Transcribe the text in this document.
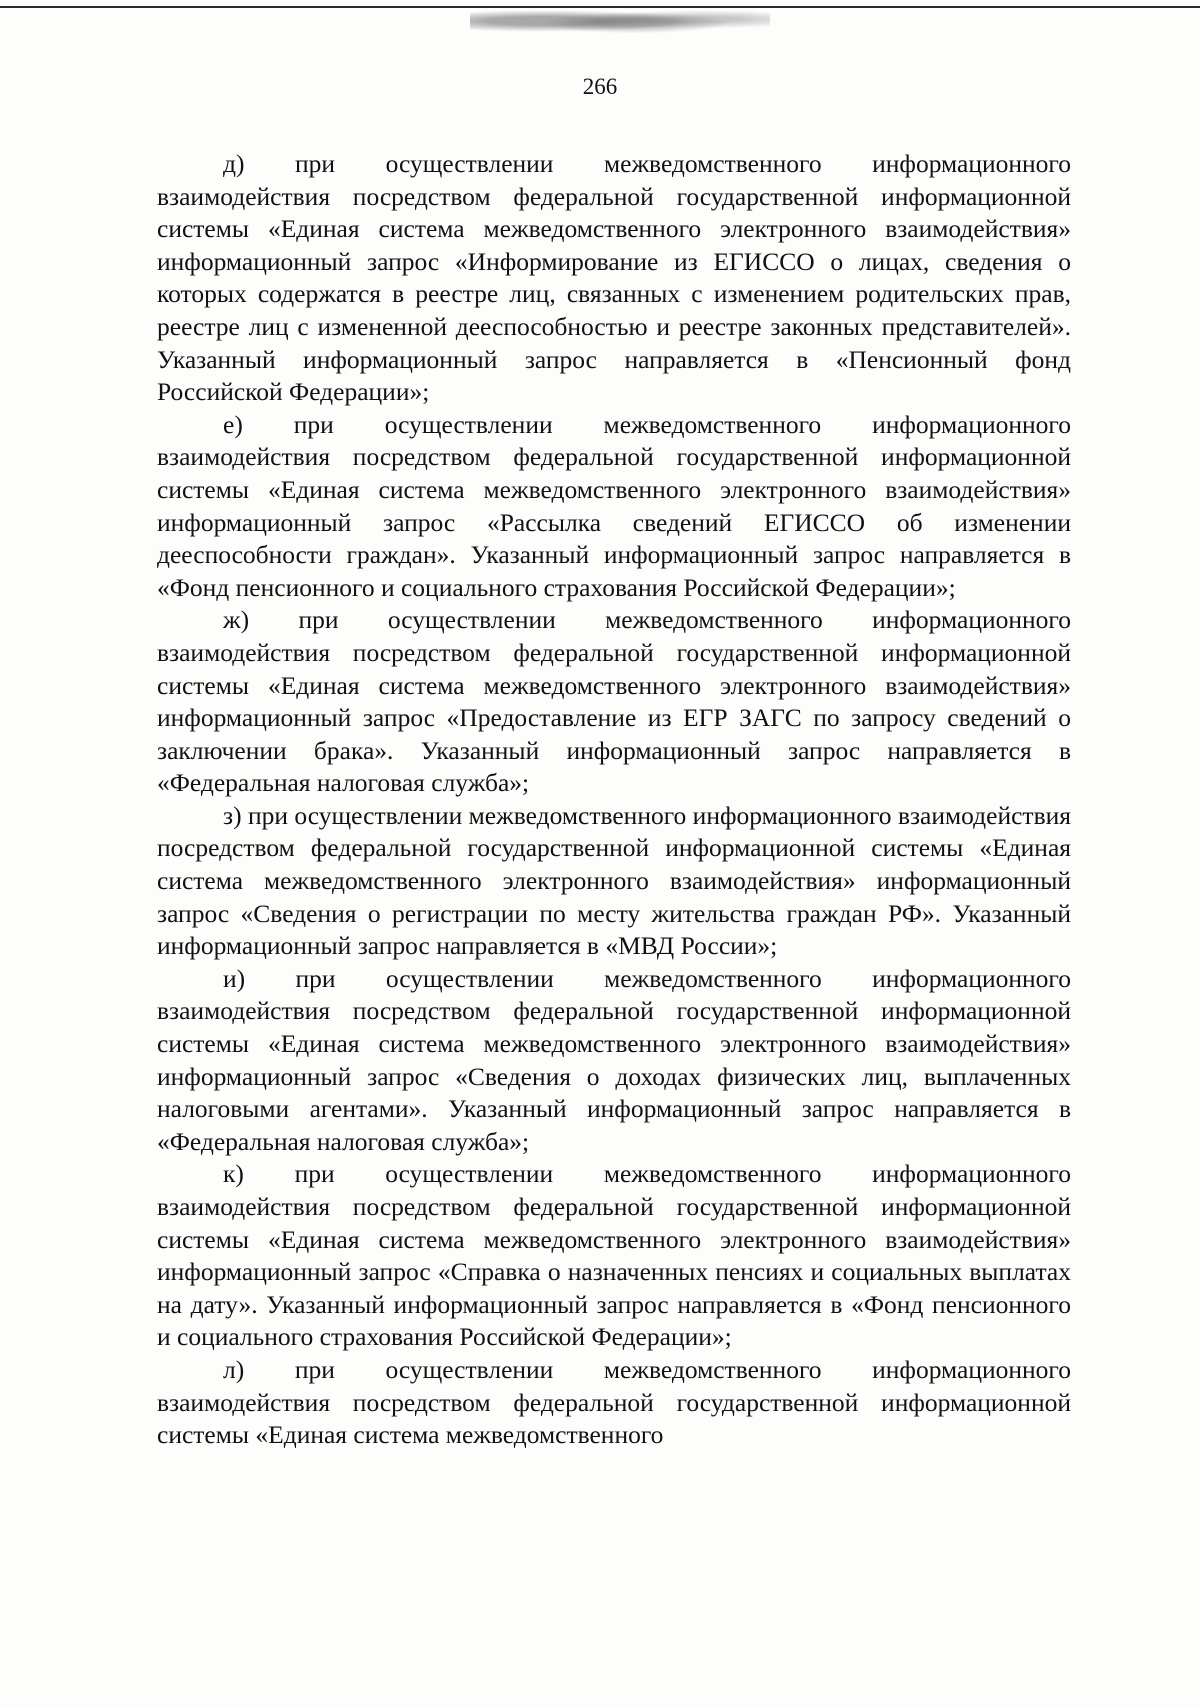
266

д) при осуществлении межведомственного информационного взаимодействия посредством федеральной государственной информационной системы «Единая система межведомственного электронного взаимодействия» информационный запрос «Информирование из ЕГИССО о лицах, сведения о которых содержатся в реестре лиц, связанных с изменением родительских прав, реестре лиц с измененной дееспособностью и реестре законных представителей». Указанный информационный запрос направляется в «Пенсионный фонд Российской Федерации»;

е) при осуществлении межведомственного информационного взаимодействия посредством федеральной государственной информационной системы «Единая система межведомственного электронного взаимодействия» информационный запрос «Рассылка сведений ЕГИССО об изменении дееспособности граждан». Указанный информационный запрос направляется в «Фонд пенсионного и социального страхования Российской Федерации»;

ж) при осуществлении межведомственного информационного взаимодействия посредством федеральной государственной информационной системы «Единая система межведомственного электронного взаимодействия» информационный запрос «Предоставление из ЕГР ЗАГС по запросу сведений о заключении брака». Указанный информационный запрос направляется в «Федеральная налоговая служба»;

з) при осуществлении межведомственного информационного взаимодействия посредством федеральной государственной информационной системы «Единая система межведомственного электронного взаимодействия» информационный запрос «Сведения о регистрации по месту жительства граждан РФ». Указанный информационный запрос направляется в «МВД России»;

и) при осуществлении межведомственного информационного взаимодействия посредством федеральной государственной информационной системы «Единая система межведомственного электронного взаимодействия» информационный запрос «Сведения о доходах физических лиц, выплаченных налоговыми агентами». Указанный информационный запрос направляется в «Федеральная налоговая служба»;

к) при осуществлении межведомственного информационного взаимодействия посредством федеральной государственной информационной системы «Единая система межведомственного электронного взаимодействия» информационный запрос «Справка о назначенных пенсиях и социальных выплатах на дату». Указанный информационный запрос направляется в «Фонд пенсионного и социального страхования Российской Федерации»;

л) при осуществлении межведомственного информационного взаимодействия посредством федеральной государственной информационной системы «Единая система межведомственного
